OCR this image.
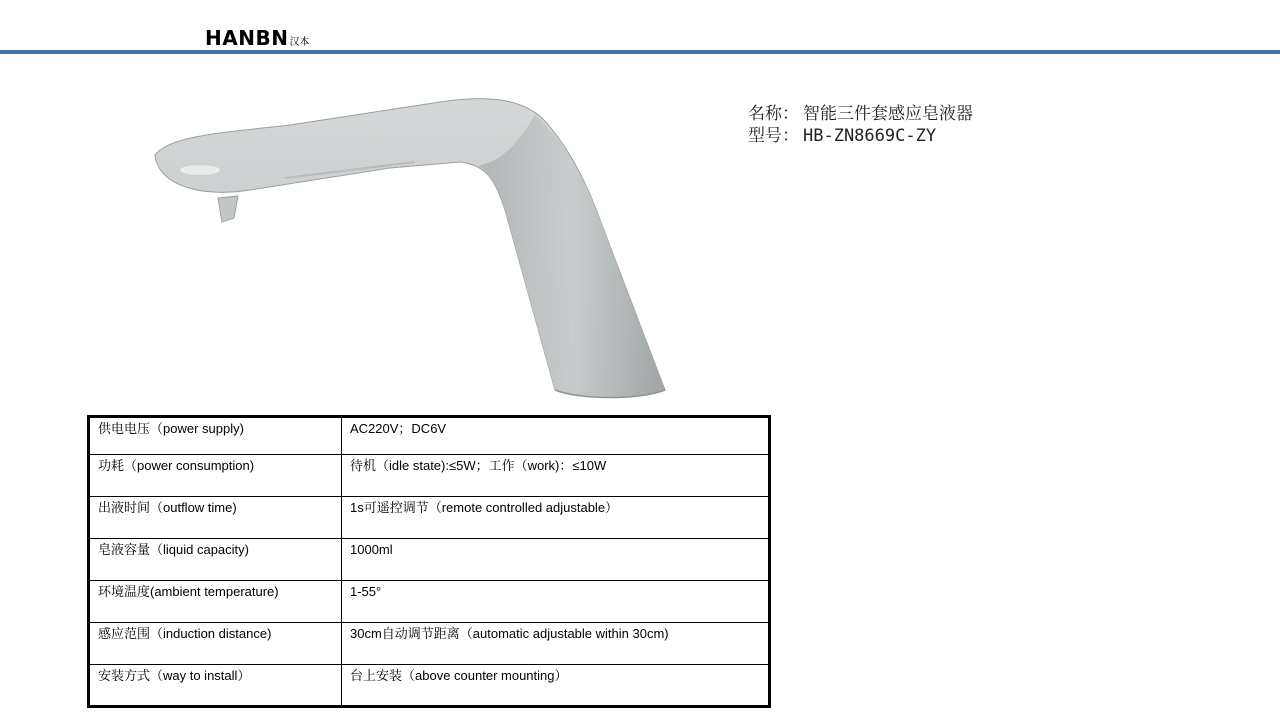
HANBN汉本
名称： 智能三件套感应皂液器
型号： HB-ZN8669C-ZY
供电电压（power supply)	AC220V；DC6V
功耗（power consumption)	待机（idle state):≤5W；工作（work)：≤10W
出液时间（outflow time)	1s可遥控调节（remote controlled adjustable）
皂液容量（liquid capacity)	1000ml
环境温度(ambient temperature)	1-55°
感应范围（induction distance)	30cm自动调节距离（automatic adjustable within 30cm)
安装方式（way to install）	台上安装（above counter mounting）
